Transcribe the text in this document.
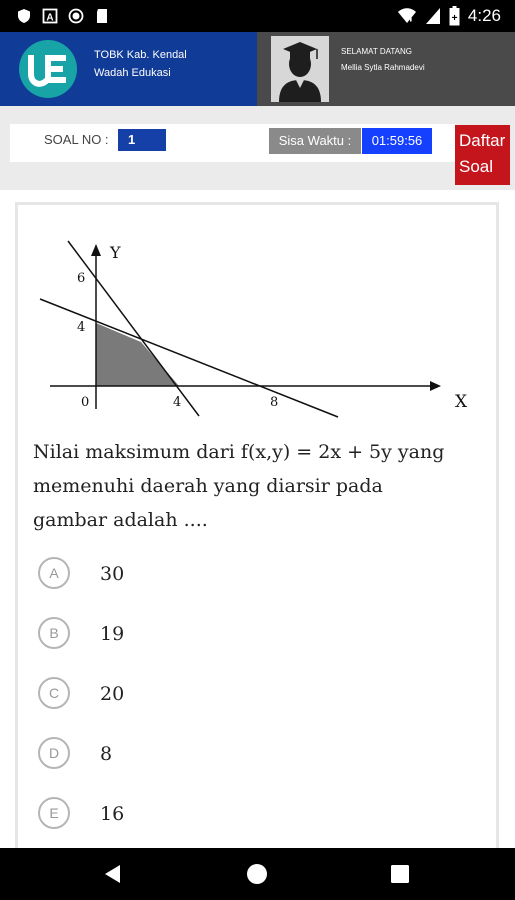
A	+ 4:26
TOBK Kab. Kendal
Wadah Edukasi
SELAMAT DATANG
Mellia Sytla Rahmadevi
SOAL NO :	1	Sisa Waktu :	01:59:56	Daftar
Soal
Y
X
6
4
0	4	8
Nilai maksimum dari f(x,y) = 2x + 5y yang
memenuhi daerah yang diarsir pada
gambar adalah ....
A	30
B	19
C	20
D	8
E	16
